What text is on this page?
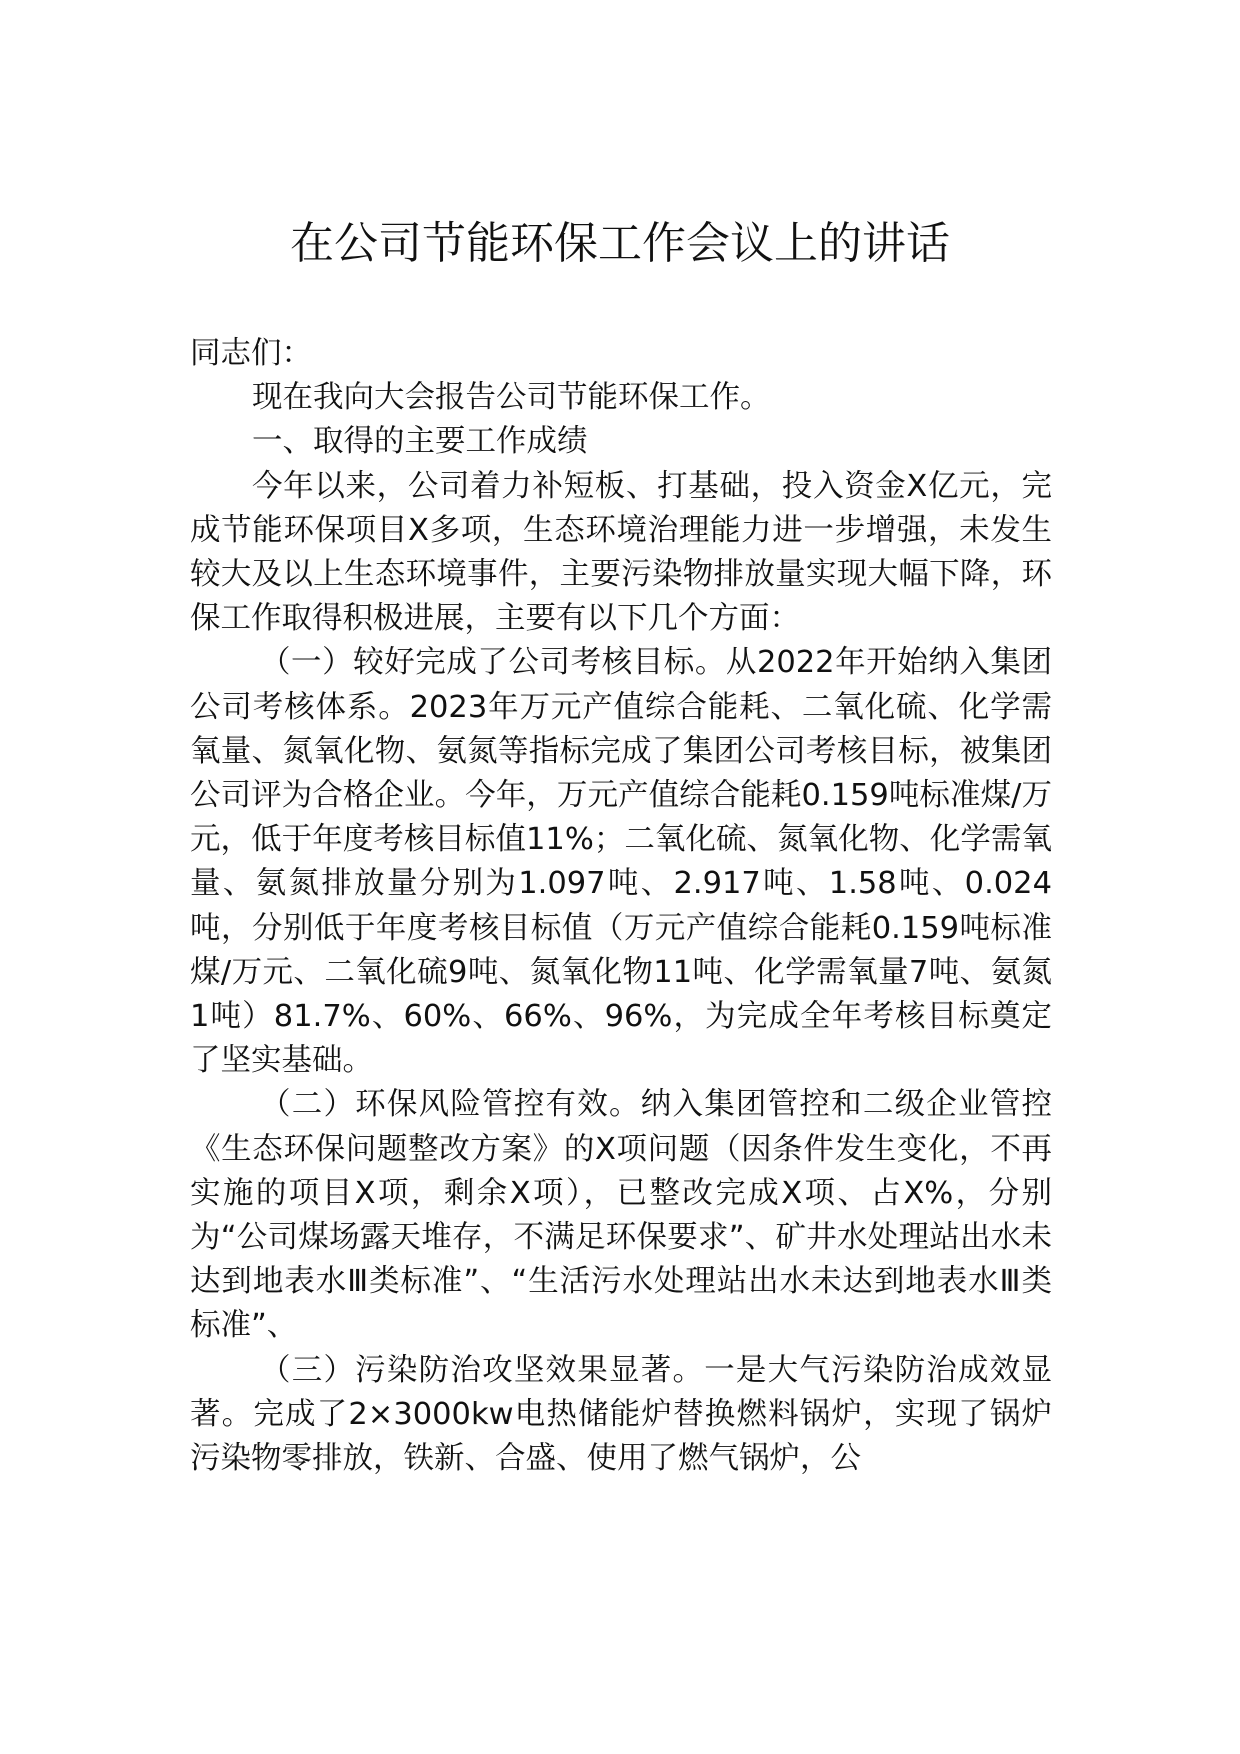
在公司节能环保工作会议上的讲话

同志们：

现在我向大会报告公司节能环保工作。

一、取得的主要工作成绩

今年以来，公司着力补短板、打基础，投入资金X亿元，完成节能环保项目X多项，生态环境治理能力进一步增强，未发生较大及以上生态环境事件，主要污染物排放量实现大幅下降，环保工作取得积极进展，主要有以下几个方面：

（一）较好完成了公司考核目标。从2022年开始纳入集团公司考核体系。2023年万元产值综合能耗、二氧化硫、化学需氧量、氮氧化物、氨氮等指标完成了集团公司考核目标，被集团公司评为合格企业。今年，万元产值综合能耗0.159吨标准煤/万元，低于年度考核目标值11%；二氧化硫、氮氧化物、化学需氧量、氨氮排放量分别为1.097吨、2.917吨、1.58吨、0.024吨，分别低于年度考核目标值（万元产值综合能耗0.159吨标准煤/万元、二氧化硫9吨、氮氧化物11吨、化学需氧量7吨、氨氮1吨）81.7%、60%、66%、96%，为完成全年考核目标奠定了坚实基础。

（二）环保风险管控有效。纳入集团管控和二级企业管控《生态环保问题整改方案》的X项问题（因条件发生变化，不再实施的项目X项，剩余X项），已整改完成X项、占X%，分别为“公司煤场露天堆存，不满足环保要求”、矿井水处理站出水未达到地表水Ⅲ类标准”、“生活污水处理站出水未达到地表水Ⅲ类标准”、

（三）污染防治攻坚效果显著。一是大气污染防治成效显著。完成了2×3000kw电热储能炉替换燃料锅炉，实现了锅炉污染物零排放，铁新、合盛、使用了燃气锅炉，公
